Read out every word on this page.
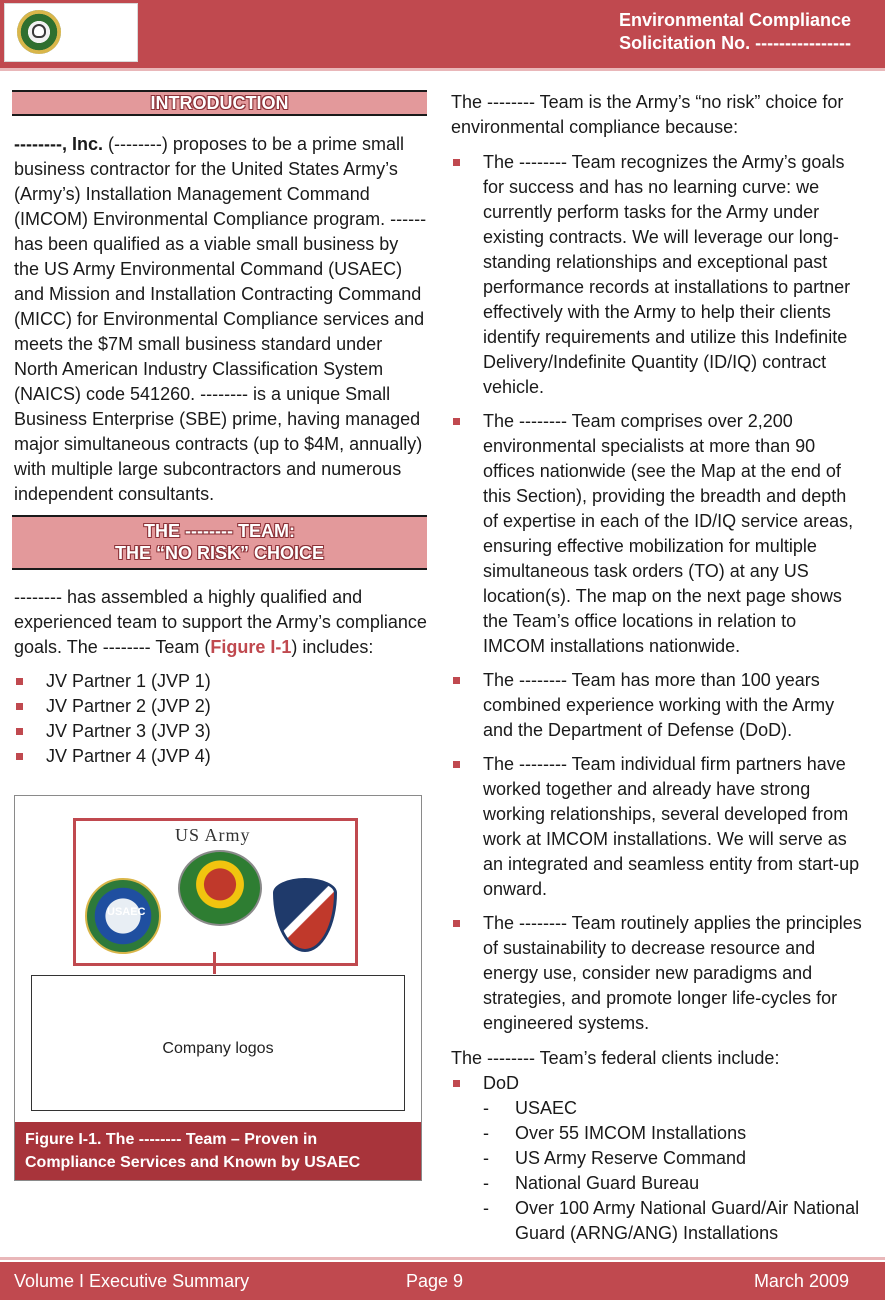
Environmental Compliance
Solicitation No. ----------------
INTRODUCTION
--------, Inc. (--------) proposes to be a prime small business contractor for the United States Army’s (Army’s) Installation Management Command (IMCOM) Environmental Compliance program. ------ has been qualified as a viable small business by the US Army Environmental Command (USAEC) and Mission and Installation Contracting Command (MICC) for Environmental Compliance services and meets the $7M small business standard under North American Industry Classification System (NAICS) code 541260. -------- is a unique Small Business Enterprise (SBE) prime, having managed major simultaneous contracts (up to $4M, annually) with multiple large subcontractors and numerous independent consultants.
THE -------- TEAM:
THE “NO RISK” CHOICE
-------- has assembled a highly qualified and experienced team to support the Army’s compliance goals. The -------- Team (Figure I-1) includes:
JV Partner 1 (JVP 1)
JV Partner 2 (JVP 2)
JV Partner 3 (JVP 3)
JV Partner 4 (JVP 4)
US Army
USAEC
Company logos
Figure I-1. The -------- Team – Proven in Compliance Services and Known by USAEC
The -------- Team is the Army’s “no risk” choice for environmental compliance because:
The -------- Team recognizes the Army’s goals for success and has no learning curve: we currently perform tasks for the Army under existing contracts. We will leverage our long-standing relationships and exceptional past performance records at installations to partner effectively with the Army to help their clients identify requirements and utilize this Indefinite Delivery/Indefinite Quantity (ID/IQ) contract vehicle.
The -------- Team comprises over 2,200 environmental specialists at more than 90 offices nationwide (see the Map at the end of this Section), providing the breadth and depth of expertise in each of the ID/IQ service areas, ensuring effective mobilization for multiple simultaneous task orders (TO) at any US location(s). The map on the next page shows the Team’s office locations in relation to IMCOM installations nationwide.
The -------- Team has more than 100 years combined experience working with the Army and the Department of Defense (DoD).
The -------- Team individual firm partners have worked together and already have strong working relationships, several developed from work at IMCOM installations. We will serve as an integrated and seamless entity from start-up onward.
The -------- Team routinely applies the principles of sustainability to decrease resource and energy use, consider new paradigms and strategies, and promote longer life-cycles for engineered systems.
The -------- Team’s federal clients include:
DoD
- USAEC
- Over 55 IMCOM Installations
- US Army Reserve Command
- National Guard Bureau
- Over 100 Army National Guard/Air National Guard (ARNG/ANG) Installations
Volume I Executive Summary	Page 9	March 2009
